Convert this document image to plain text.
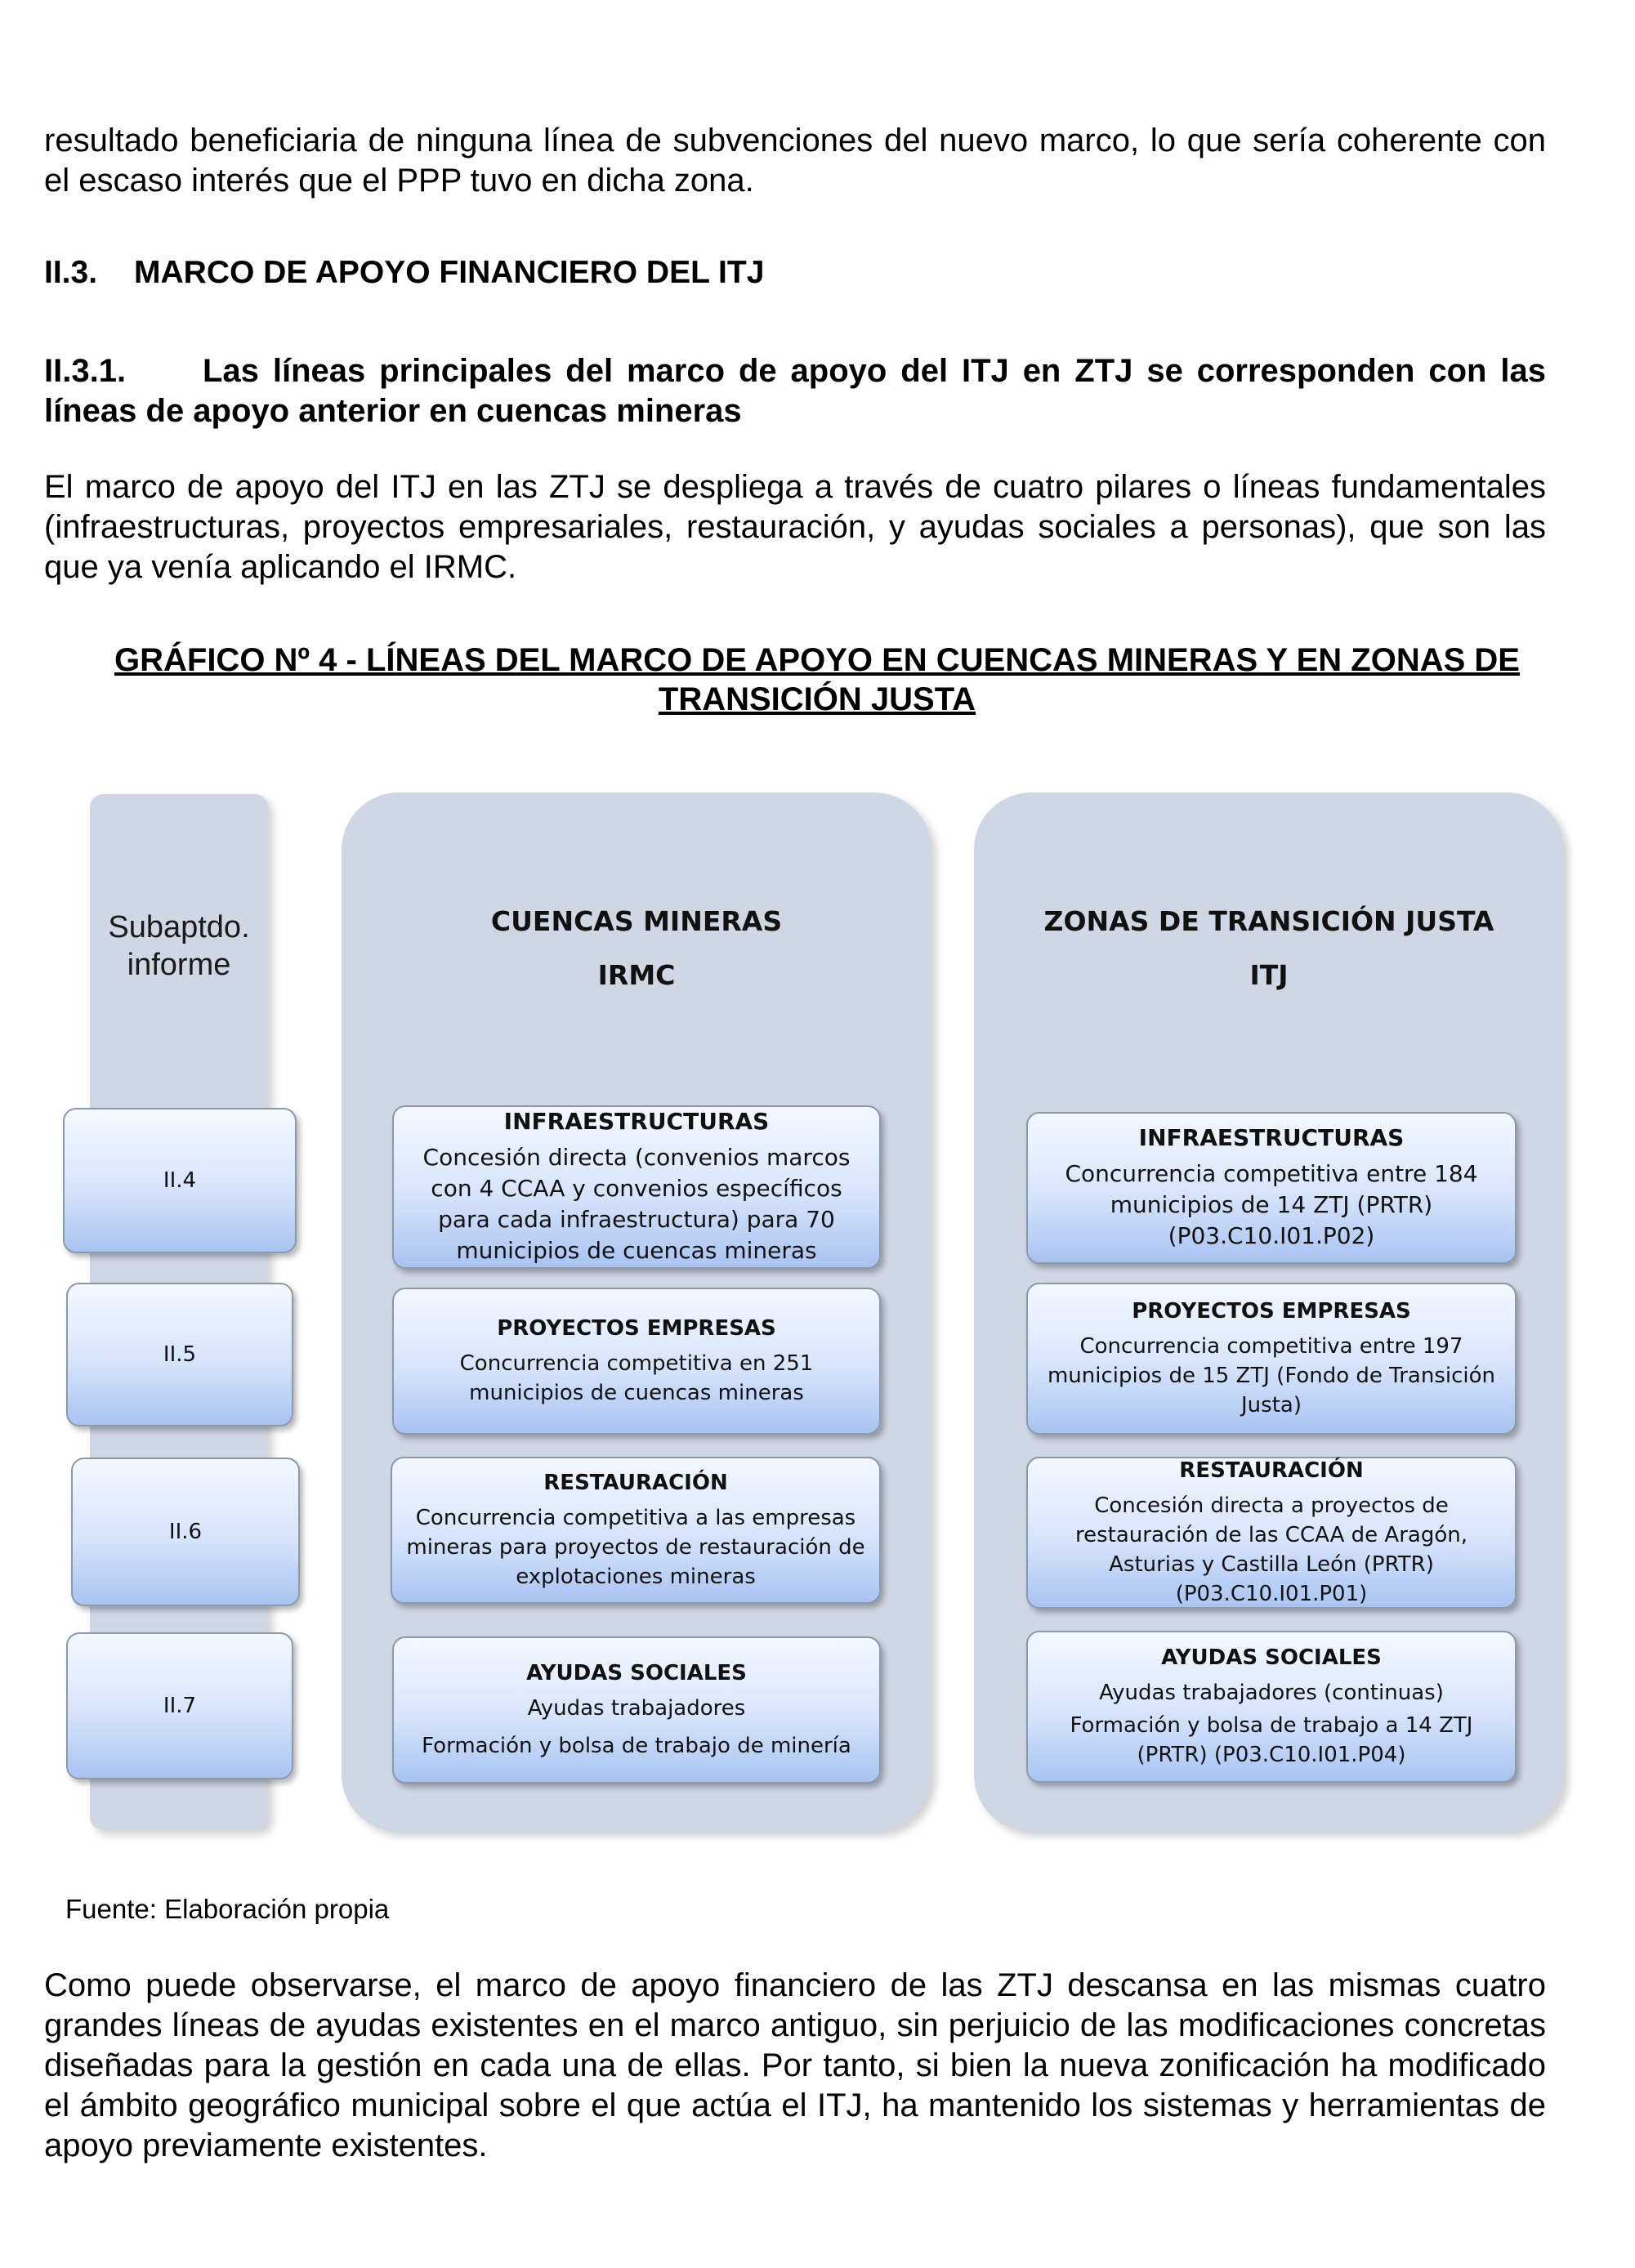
resultado beneficiaria de ninguna línea de subvenciones del nuevo marco, lo que sería coherente con el escaso interés que el PPP tuvo en dicha zona.

II.3. MARCO DE APOYO FINANCIERO DEL ITJ
II.3.1. Las líneas principales del marco de apoyo del ITJ en ZTJ se corresponden con las líneas de apoyo anterior en cuencas mineras

El marco de apoyo del ITJ en las ZTJ se despliega a través de cuatro pilares o líneas fundamentales (infraestructuras, proyectos empresariales, restauración, y ayudas sociales a personas), que son las que ya venía aplicando el IRMC.

GRÁFICO Nº 4 - LÍNEAS DEL MARCO DE APOYO EN CUENCAS MINERAS Y EN ZONAS DE TRANSICIÓN JUSTA

Subaptdo.
informe
CUENCAS MINERAS
IRMC
ZONAS DE TRANSICIÓN JUSTA
ITJ
II.4
II.5
II.6
II.7
INFRAESTRUCTURAS
Concesión directa (convenios marcos con 4 CCAA y convenios específicos para cada infraestructura) para 70 municipios de cuencas mineras
PROYECTOS EMPRESAS
Concurrencia competitiva en 251 municipios de cuencas mineras
RESTAURACIÓN
Concurrencia competitiva a las empresas mineras para proyectos de restauración de explotaciones mineras
AYUDAS SOCIALES
Ayudas trabajadores
Formación y bolsa de trabajo de minería
INFRAESTRUCTURAS
Concurrencia competitiva entre 184 municipios de 14 ZTJ (PRTR) (P03.C10.I01.P02)
PROYECTOS EMPRESAS
Concurrencia competitiva entre 197 municipios de 15 ZTJ (Fondo de Transición Justa)
RESTAURACIÓN
Concesión directa a proyectos de restauración de las CCAA de Aragón, Asturias y Castilla León (PRTR) (P03.C10.I01.P01)
AYUDAS SOCIALES
Ayudas trabajadores (continuas)
Formación y bolsa de trabajo a 14 ZTJ (PRTR) (P03.C10.I01.P04)

Fuente: Elaboración propia

Como puede observarse, el marco de apoyo financiero de las ZTJ descansa en las mismas cuatro grandes líneas de ayudas existentes en el marco antiguo, sin perjuicio de las modificaciones concretas diseñadas para la gestión en cada una de ellas. Por tanto, si bien la nueva zonificación ha modificado el ámbito geográfico municipal sobre el que actúa el ITJ, ha mantenido los sistemas y herramientas de apoyo previamente existentes.
